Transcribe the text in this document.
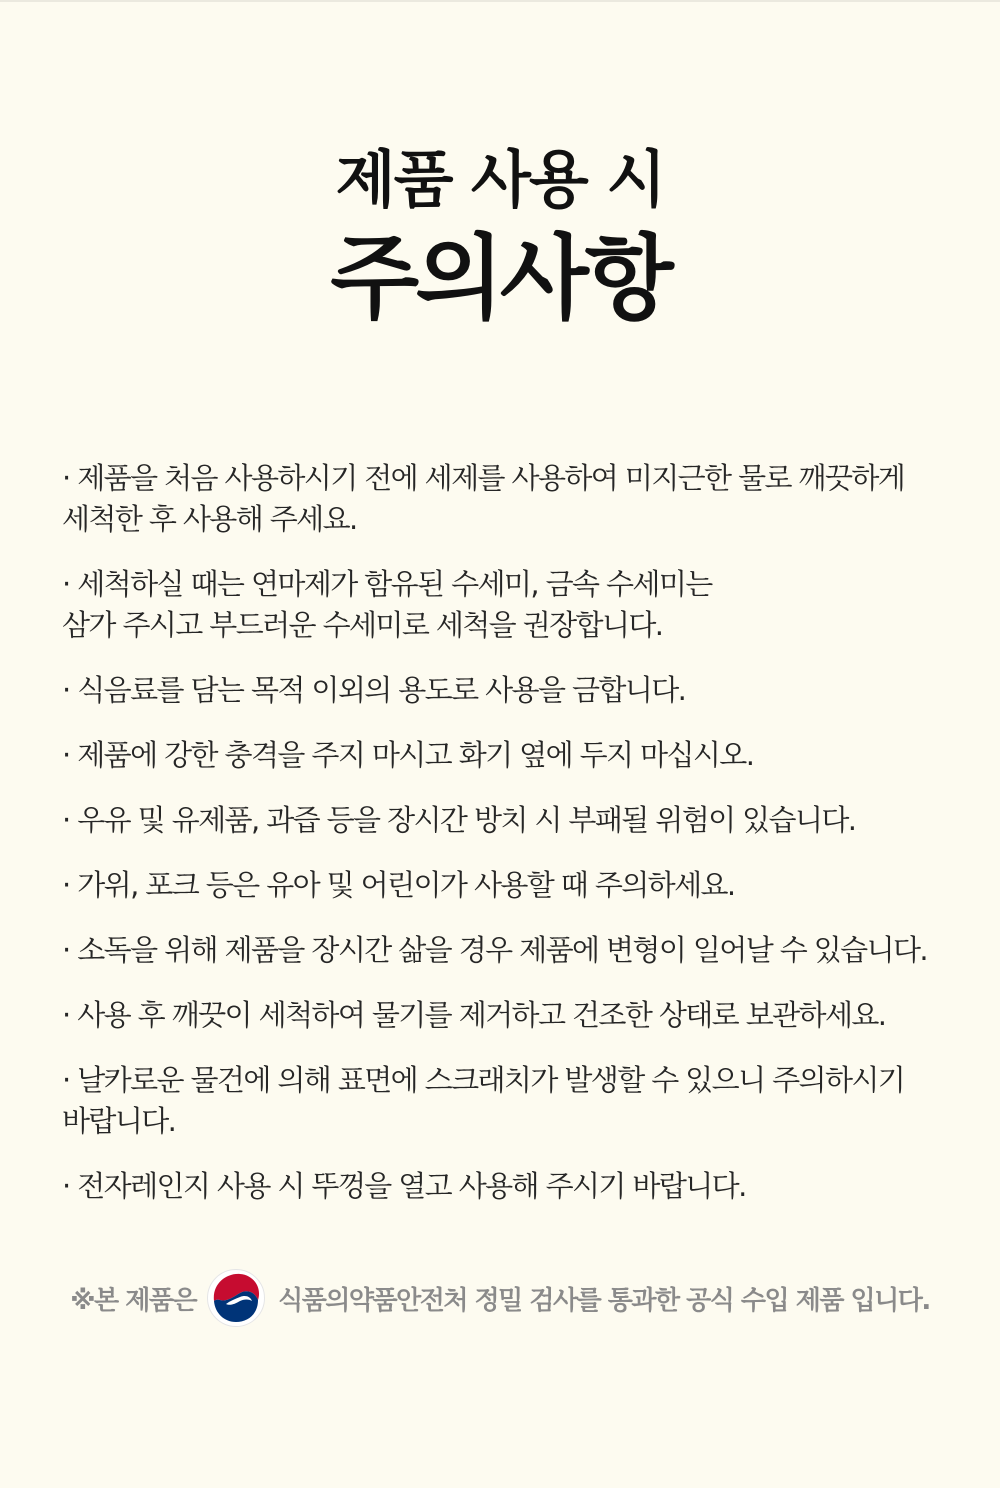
제품 사용 시
주의사항
· 제품을 처음 사용하시기 전에 세제를 사용하여 미지근한 물로 깨끗하게
세척한 후 사용해 주세요.
· 세척하실 때는 연마제가 함유된 수세미, 금속 수세미는
삼가 주시고 부드러운 수세미로 세척을 권장합니다.
· 식음료를 담는 목적 이외의 용도로 사용을 금합니다.
· 제품에 강한 충격을 주지 마시고 화기 옆에 두지 마십시오.
· 우유 및 유제품, 과즙 등을 장시간 방치 시 부패될 위험이 있습니다.
· 가위, 포크 등은 유아 및 어린이가 사용할 때 주의하세요.
· 소독을 위해 제품을 장시간 삶을 경우 제품에 변형이 일어날 수 있습니다.
· 사용 후 깨끗이 세척하여 물기를 제거하고 건조한 상태로 보관하세요.
· 날카로운 물건에 의해 표면에 스크래치가 발생할 수 있으니 주의하시기
바랍니다.
· 전자레인지 사용 시 뚜껑을 열고 사용해 주시기 바랍니다.
※본 제품은	식품의약품안전처 정밀 검사를 통과한 공식 수입 제품 입니다.
